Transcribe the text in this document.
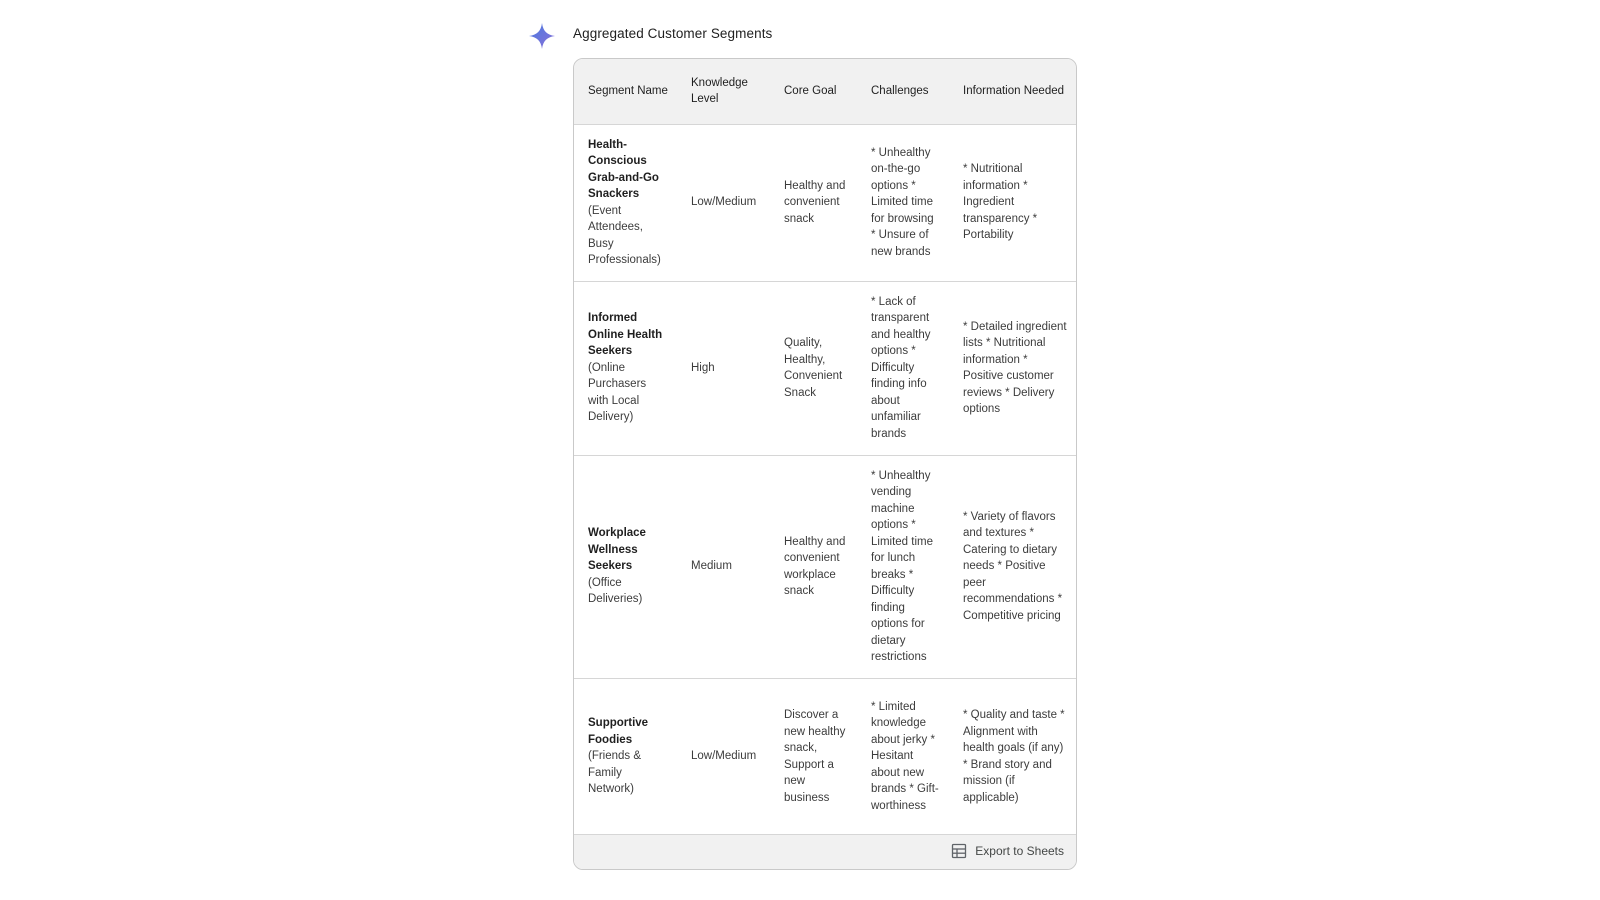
Aggregated Customer Segments
Segment Name	Knowledge Level	Core Goal	Challenges	Information Needed

Health-Conscious Grab-and-Go Snackers
(Event Attendees, Busy Professionals)	Low/Medium	Healthy and convenient snack	* Unhealthy on-the-go options * Limited time for browsing * Unsure of new brands	* Nutritional information * Ingredient transparency * Portability

Informed Online Health Seekers
(Online Purchasers with Local Delivery)	High	Quality, Healthy, Convenient Snack	* Lack of transparent and healthy options * Difficulty finding info about unfamiliar brands	* Detailed ingredient lists * Nutritional information * Positive customer reviews * Delivery options

Workplace Wellness Seekers
(Office Deliveries)	Medium	Healthy and convenient workplace snack	* Unhealthy vending machine options * Limited time for lunch breaks * Difficulty finding options for dietary restrictions	* Variety of flavors and textures * Catering to dietary needs * Positive peer recommendations * Competitive pricing

Supportive Foodies
(Friends & Family Network)	Low/Medium	Discover a new healthy snack, Support a new business	* Limited knowledge about jerky * Hesitant about new brands * Gift-worthiness	* Quality and taste * Alignment with health goals (if any) * Brand story and mission (if applicable)
Export to Sheets
